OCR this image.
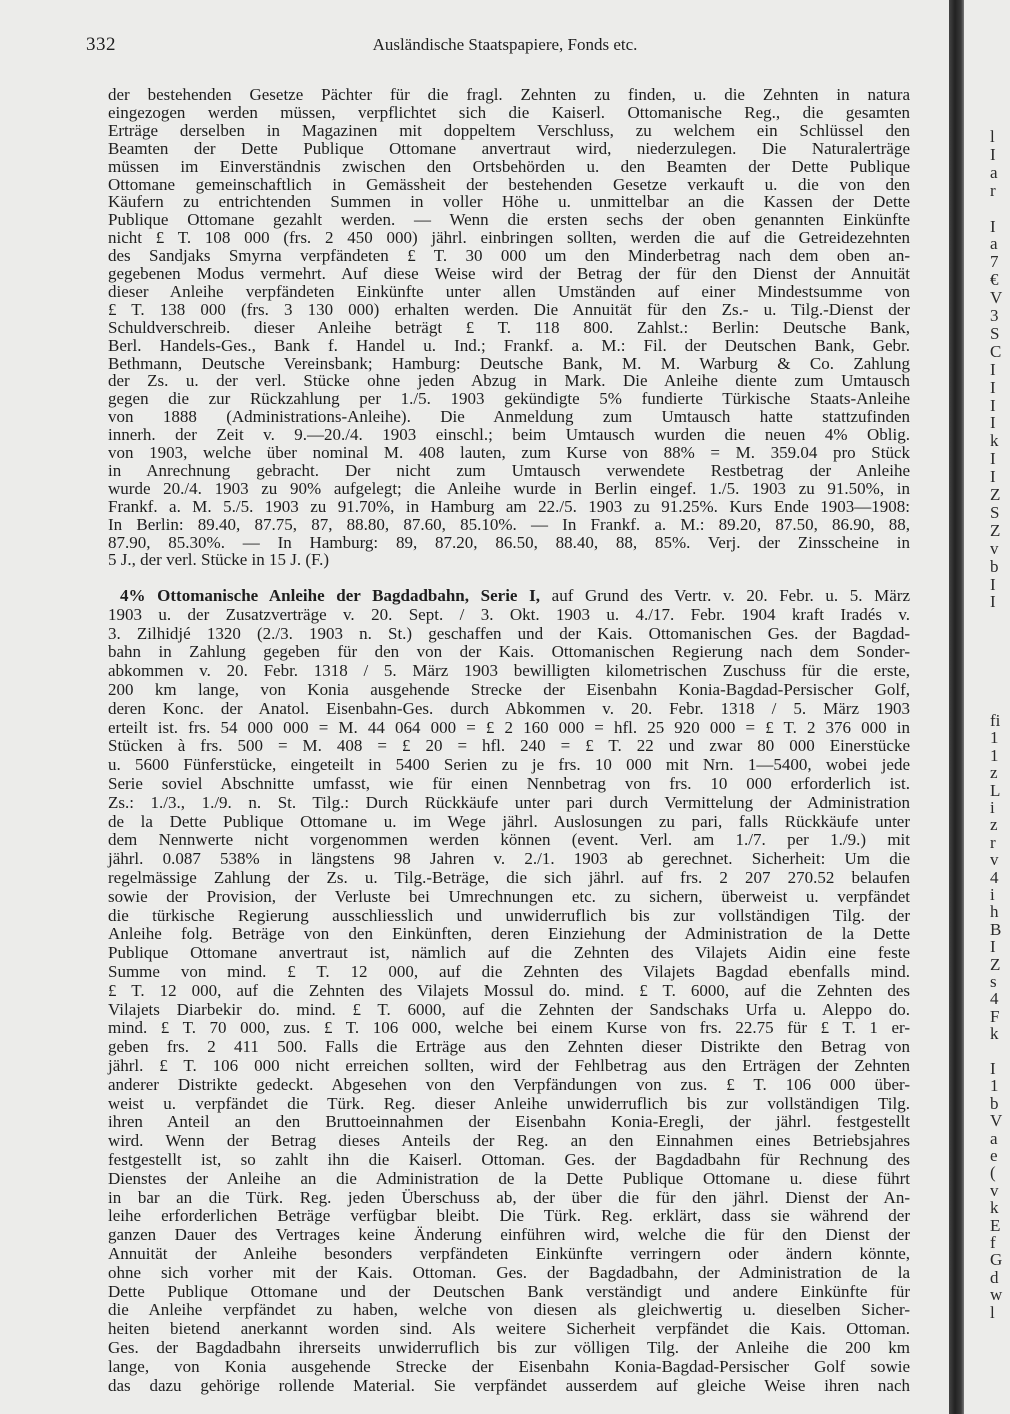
332	Ausländische Staatspapiere, Fonds etc.
der bestehenden Gesetze Pächter für die fragl. Zehnten zu finden, u. die Zehnten in natura
eingezogen werden müssen, verpflichtet sich die Kaiserl. Ottomanische Reg., die gesamten
Erträge derselben in Magazinen mit doppeltem Verschluss, zu welchem ein Schlüssel den
Beamten der Dette Publique Ottomane anvertraut wird, niederzulegen. Die Naturalerträge
müssen im Einverständnis zwischen den Ortsbehörden u. den Beamten der Dette Publique
Ottomane gemeinschaftlich in Gemässheit der bestehenden Gesetze verkauft u. die von den
Käufern zu entrichtenden Summen in voller Höhe u. unmittelbar an die Kassen der Dette
Publique Ottomane gezahlt werden. — Wenn die ersten sechs der oben genannten Einkünfte
nicht £ T. 108 000 (frs. 2 450 000) jährl. einbringen sollten, werden die auf die Getreidezehnten
des Sandjaks Smyrna verpfändeten £ T. 30 000 um den Minderbetrag nach dem oben an-
gegebenen Modus vermehrt. Auf diese Weise wird der Betrag der für den Dienst der Annuität
dieser Anleihe verpfändeten Einkünfte unter allen Umständen auf einer Mindestsumme von
£ T. 138 000 (frs. 3 130 000) erhalten werden. Die Annuität für den Zs.- u. Tilg.-Dienst der
Schuldverschreib. dieser Anleihe beträgt £ T. 118 800. Zahlst.: Berlin: Deutsche Bank,
Berl. Handels-Ges., Bank f. Handel u. Ind.; Frankf. a. M.: Fil. der Deutschen Bank, Gebr.
Bethmann, Deutsche Vereinsbank; Hamburg: Deutsche Bank, M. M. Warburg & Co. Zahlung
der Zs. u. der verl. Stücke ohne jeden Abzug in Mark. Die Anleihe diente zum Umtausch
gegen die zur Rückzahlung per 1./5. 1903 gekündigte 5% fundierte Türkische Staats-Anleihe
von 1888 (Administrations-Anleihe). Die Anmeldung zum Umtausch hatte stattzufinden
innerh. der Zeit v. 9.—20./4. 1903 einschl.; beim Umtausch wurden die neuen 4% Oblig.
von 1903, welche über nominal M. 408 lauten, zum Kurse von 88% = M. 359.04 pro Stück
in Anrechnung gebracht. Der nicht zum Umtausch verwendete Restbetrag der Anleihe
wurde 20./4. 1903 zu 90% aufgelegt; die Anleihe wurde in Berlin eingef. 1./5. 1903 zu 91.50%, in
Frankf. a. M. 5./5. 1903 zu 91.70%, in Hamburg am 22./5. 1903 zu 91.25%. Kurs Ende 1903—1908:
In Berlin: 89.40, 87.75, 87, 88.80, 87.60, 85.10%. — In Frankf. a. M.: 89.20, 87.50, 86.90, 88,
87.90, 85.30%. — In Hamburg: 89, 87.20, 86.50, 88.40, 88, 85%. Verj. der Zinsscheine in
5 J., der verl. Stücke in 15 J. (F.)
4% Ottomanische Anleihe der Bagdadbahn, Serie I, auf Grund des Vertr. v. 20. Febr. u. 5. März
1903 u. der Zusatzverträge v. 20. Sept. / 3. Okt. 1903 u. 4./17. Febr. 1904 kraft Iradés v.
3. Zilhidjé 1320 (2./3. 1903 n. St.) geschaffen und der Kais. Ottomanischen Ges. der Bagdad-
bahn in Zahlung gegeben für den von der Kais. Ottomanischen Regierung nach dem Sonder-
abkommen v. 20. Febr. 1318 / 5. März 1903 bewilligten kilometrischen Zuschuss für die erste,
200 km lange, von Konia ausgehende Strecke der Eisenbahn Konia-Bagdad-Persischer Golf,
deren Konc. der Anatol. Eisenbahn-Ges. durch Abkommen v. 20. Febr. 1318 / 5. März 1903
erteilt ist. frs. 54 000 000 = M. 44 064 000 = £ 2 160 000 = hfl. 25 920 000 = £ T. 2 376 000 in
Stücken à frs. 500 = M. 408 = £ 20 = hfl. 240 = £ T. 22 und zwar 80 000 Einerstücke
u. 5600 Fünferstücke, eingeteilt in 5400 Serien zu je frs. 10 000 mit Nrn. 1—5400, wobei jede
Serie soviel Abschnitte umfasst, wie für einen Nennbetrag von frs. 10 000 erforderlich ist.
Zs.: 1./3., 1./9. n. St. Tilg.: Durch Rückkäufe unter pari durch Vermittelung der Administration
de la Dette Publique Ottomane u. im Wege jährl. Auslosungen zu pari, falls Rückkäufe unter
dem Nennwerte nicht vorgenommen werden können (event. Verl. am 1./7. per 1./9.) mit
jährl. 0.087 538% in längstens 98 Jahren v. 2./1. 1903 ab gerechnet. Sicherheit: Um die
regelmässige Zahlung der Zs. u. Tilg.-Beträge, die sich jährl. auf frs. 2 207 270.52 belaufen
sowie der Provision, der Verluste bei Umrechnungen etc. zu sichern, überweist u. verpfändet
die türkische Regierung ausschliesslich und unwiderruflich bis zur vollständigen Tilg. der
Anleihe folg. Beträge von den Einkünften, deren Einziehung der Administration de la Dette
Publique Ottomane anvertraut ist, nämlich auf die Zehnten des Vilajets Aidin eine feste
Summe von mind. £ T. 12 000, auf die Zehnten des Vilajets Bagdad ebenfalls mind.
£ T. 12 000, auf die Zehnten des Vilajets Mossul do. mind. £ T. 6000, auf die Zehnten des
Vilajets Diarbekir do. mind. £ T. 6000, auf die Zehnten der Sandschaks Urfa u. Aleppo do.
mind. £ T. 70 000, zus. £ T. 106 000, welche bei einem Kurse von frs. 22.75 für £ T. 1 er-
geben frs. 2 411 500. Falls die Erträge aus den Zehnten dieser Distrikte den Betrag von
jährl. £ T. 106 000 nicht erreichen sollten, wird der Fehlbetrag aus den Erträgen der Zehnten
anderer Distrikte gedeckt. Abgesehen von den Verpfändungen von zus. £ T. 106 000 über-
weist u. verpfändet die Türk. Reg. dieser Anleihe unwiderruflich bis zur vollständigen Tilg.
ihren Anteil an den Bruttoeinnahmen der Eisenbahn Konia-Eregli, der jährl. festgestellt
wird. Wenn der Betrag dieses Anteils der Reg. an den Einnahmen eines Betriebsjahres
festgestellt ist, so zahlt ihn die Kaiserl. Ottoman. Ges. der Bagdadbahn für Rechnung des
Dienstes der Anleihe an die Administration de la Dette Publique Ottomane u. diese führt
in bar an die Türk. Reg. jeden Überschuss ab, der über die für den jährl. Dienst der An-
leihe erforderlichen Beträge verfügbar bleibt. Die Türk. Reg. erklärt, dass sie während der
ganzen Dauer des Vertrages keine Änderung einführen wird, welche die für den Dienst der
Annuität der Anleihe besonders verpfändeten Einkünfte verringern oder ändern könnte,
ohne sich vorher mit der Kais. Ottoman. Ges. der Bagdadbahn, der Administration de la
Dette Publique Ottomane und der Deutschen Bank verständigt und andere Einkünfte für
die Anleihe verpfändet zu haben, welche von diesen als gleichwertig u. dieselben Sicher-
heiten bietend anerkannt worden sind. Als weitere Sicherheit verpfändet die Kais. Ottoman.
Ges. der Bagdadbahn ihrerseits unwiderruflich bis zur völligen Tilg. der Anleihe die 200 km
lange, von Konia ausgehende Strecke der Eisenbahn Konia-Bagdad-Persischer Golf sowie
das dazu gehörige rollende Material. Sie verpfändet ausserdem auf gleiche Weise ihren nach
l
I
a
r
I
a
7
€
V
3
S
C
I
I
I
I
k
I
I
Z
S
Z
v
b
I
I
fi
1
1
z
L
i
z
r
v
4
i
h
B
I
Z
s
4
F
k
I
1
b
V
a
e
(
v
k
E
f
G
d
w
l
